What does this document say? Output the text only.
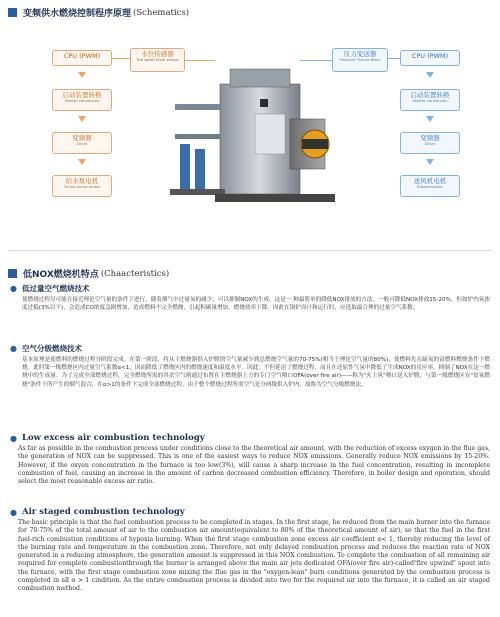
变频供水燃烧控制程序原理 (Schematics)
CPU (PWM)
启动装置转换
Starter conversion
变频器
Drive
给水泵电机
To the pump motor
水位传感器
The water level sensor
压力变送器
Pressure Transmitters	CPU (PWM)
启动装置转换
Starter conversion
变频器
Drive
送风机电机
Blowerrotator
低NOX燃烧机特点 (Chaacteristics)
● 低过量空气燃烧技术
使燃烧过程尽可能在接近理论空气量的条件下进行，随着烟气中过量氧的减少，可以抑制NOX的生成。这是一 种最简单的降低NOX排放的方法。一般可降低NOX排放15-20%。但如炉内氧浓度过低(3%以下)，会造成CO浓度急剧增加，造成燃料不完全燃烧，引起积碳量增加，燃烧效率下降。因此在锅炉设计和运行时，应选取最合理的过量空气系数。
● 空气分级燃烧技术
基本原理是使燃料的燃烧过程分阶段完成。在第一阶段，将从主燃烧器供入炉膛的空气量减少到总燃烧空气量的70-75%(相当于理论空气量的80%)，使燃料先在缺氧的富燃料燃烧条件下燃烧。此时第一级燃烧区内过量空气系数α<1，因而降低了燃烧区内的燃烧速度和温度水平。因此，不但延迟了燃烧过程，而且在还原性气氛中降低了生成NOX的反应率，抑制了NOX在这一燃烧中的生成量。为了完成全部燃烧过程，完全燃烧所需的其余空气则通过布置在主燃烧器上方的专门空气喷口OFA(over fire air)——称为"火上风"喷口送入炉膛，与第一级燃烧区在"贫氧燃烧"条件下所产生的烟气混合，在α>1的条件下完成全部燃烧过程。由于整个燃烧过程所需空气是分两级供入炉内，故称为空气分级燃烧法。
● Low excess air combustion technology
As far as possible in the combustion process under conditions close to the theoretical air amount, with the reduction of excess oxygen in the flue gas, the generation of NOX can be suppressed. This is one of the easiest ways to reduce NOX emissions. Generally reduce NOX emissions by 15-20%. However, if the oxyen concentration in the furnace is too low(3%), will cause a sharp increase in the fuel concentration, resulting in incomplete combustion of fuel, causing an increase in the amount of carbon decreased combustion efficiency. Therefore, in boiler design and operation, should select the most reasonable excess air ratio.
● Air staged combustion technology
The basic principle is that the fuel combustion process to be completed in stages. In the first stage, be reduced from the main burner into the furnace for 70-75% of the total amount of air to the combustion air amount(equivalent to 80% of the theoretical amount of air), so that the fuel in the first fuel-rich combustion conditions of hypoxia burning. When the first stage combustion zone excess air coefficient α< 1, thereby reducing the level of the burning rate and temperature in the combustion zone. Therefore, not only delayed combustion process and reduces the reaction rate of NOX generated in a reducing atmosphere, the generation amount is suppressed in this NOX combustion. To complete the combustion of all remaining air required for complete combustionthrough the burner is arranged above the main air jets dedicated OFA(over fire air)-called"fire upwind" spout into the furnace, with the first stage combustion zone mixing the flue gas in the "oxygen-lean" burn conditions generated by the combustion process is completed in all α > 1 cindition. As the entire combustion process is divided into two for the required air into the furnace, it is called an air staged combustion method.
